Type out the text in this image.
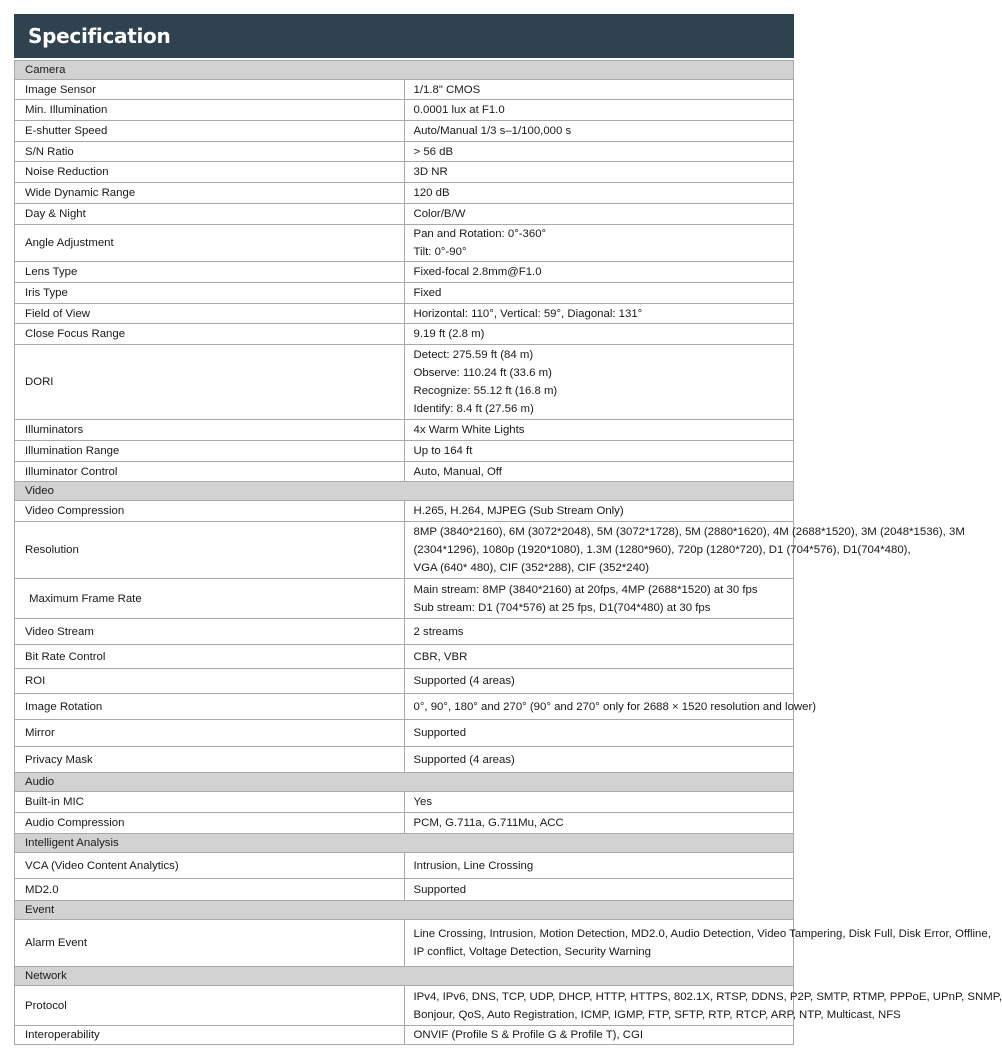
Specification
Camera	
Image Sensor	1/1.8" CMOS

Min. Illumination	0.0001 lux at F1.0

E-shutter Speed	Auto/Manual 1/3 s–1/100,000 s

S/N Ratio	> 56 dB

Noise Reduction	3D NR

Wide Dynamic Range	120 dB

Day & Night	Color/B/W

Angle Adjustment	Pan and Rotation: 0°-360°
Tilt: 0°-90°

Lens Type	Fixed-focal 2.8mm@F1.0

Iris Type	Fixed

Field of View	Horizontal: 110°, Vertical: 59°, Diagonal: 131°

Close Focus Range	9.19 ft (2.8 m)

DORI	Detect: 275.59 ft (84 m)
Observe: 110.24 ft (33.6 m)
Recognize: 55.12 ft (16.8 m)
Identify: 8.4 ft (27.56 m)

Illuminators	4x Warm White Lights

Illumination Range	Up to 164 ft

Illuminator Control	Auto, Manual, Off

Video	
Video Compression	H.265, H.264, MJPEG (Sub Stream Only)

Resolution	8MP (3840*2160), 6M (3072*2048), 5M (3072*1728), 5M (2880*1620), 4M (2688*1520), 3M (2048*1536), 3M
(2304*1296), 1080p (1920*1080), 1.3M (1280*960), 720p (1280*720), D1 (704*576), D1(704*480),
VGA (640* 480), CIF (352*288), CIF (352*240)

Maximum Frame Rate	Main stream: 8MP (3840*2160) at 20fps, 4MP (2688*1520) at 30 fps
Sub stream: D1 (704*576) at 25 fps, D1(704*480) at 30 fps

Video Stream	2 streams

Bit Rate Control	CBR, VBR

ROI	Supported (4 areas)

Image Rotation	0°, 90°, 180° and 270° (90° and 270° only for 2688 × 1520 resolution and lower)

Mirror	Supported

Privacy Mask	Supported (4 areas)

Audio	
Built-in MIC	Yes

Audio Compression	PCM, G.711a, G.711Mu, ACC

Intelligent Analysis	
VCA (Video Content Analytics)	Intrusion, Line Crossing

MD2.0	Supported

Event	
Alarm Event	Line Crossing, Intrusion, Motion Detection, MD2.0, Audio Detection, Video Tampering, Disk Full, Disk Error, Offline,
IP conflict, Voltage Detection, Security Warning

Network	
Protocol	IPv4, IPv6, DNS, TCP, UDP, DHCP, HTTP, HTTPS, 802.1X, RTSP, DDNS, P2P, SMTP, RTMP, PPPoE, UPnP, SNMP,
Bonjour, QoS, Auto Registration, ICMP, IGMP, FTP, SFTP, RTP, RTCP, ARP, NTP, Multicast, NFS

Interoperability	ONVIF (Profile S & Profile G & Profile T), CGI
